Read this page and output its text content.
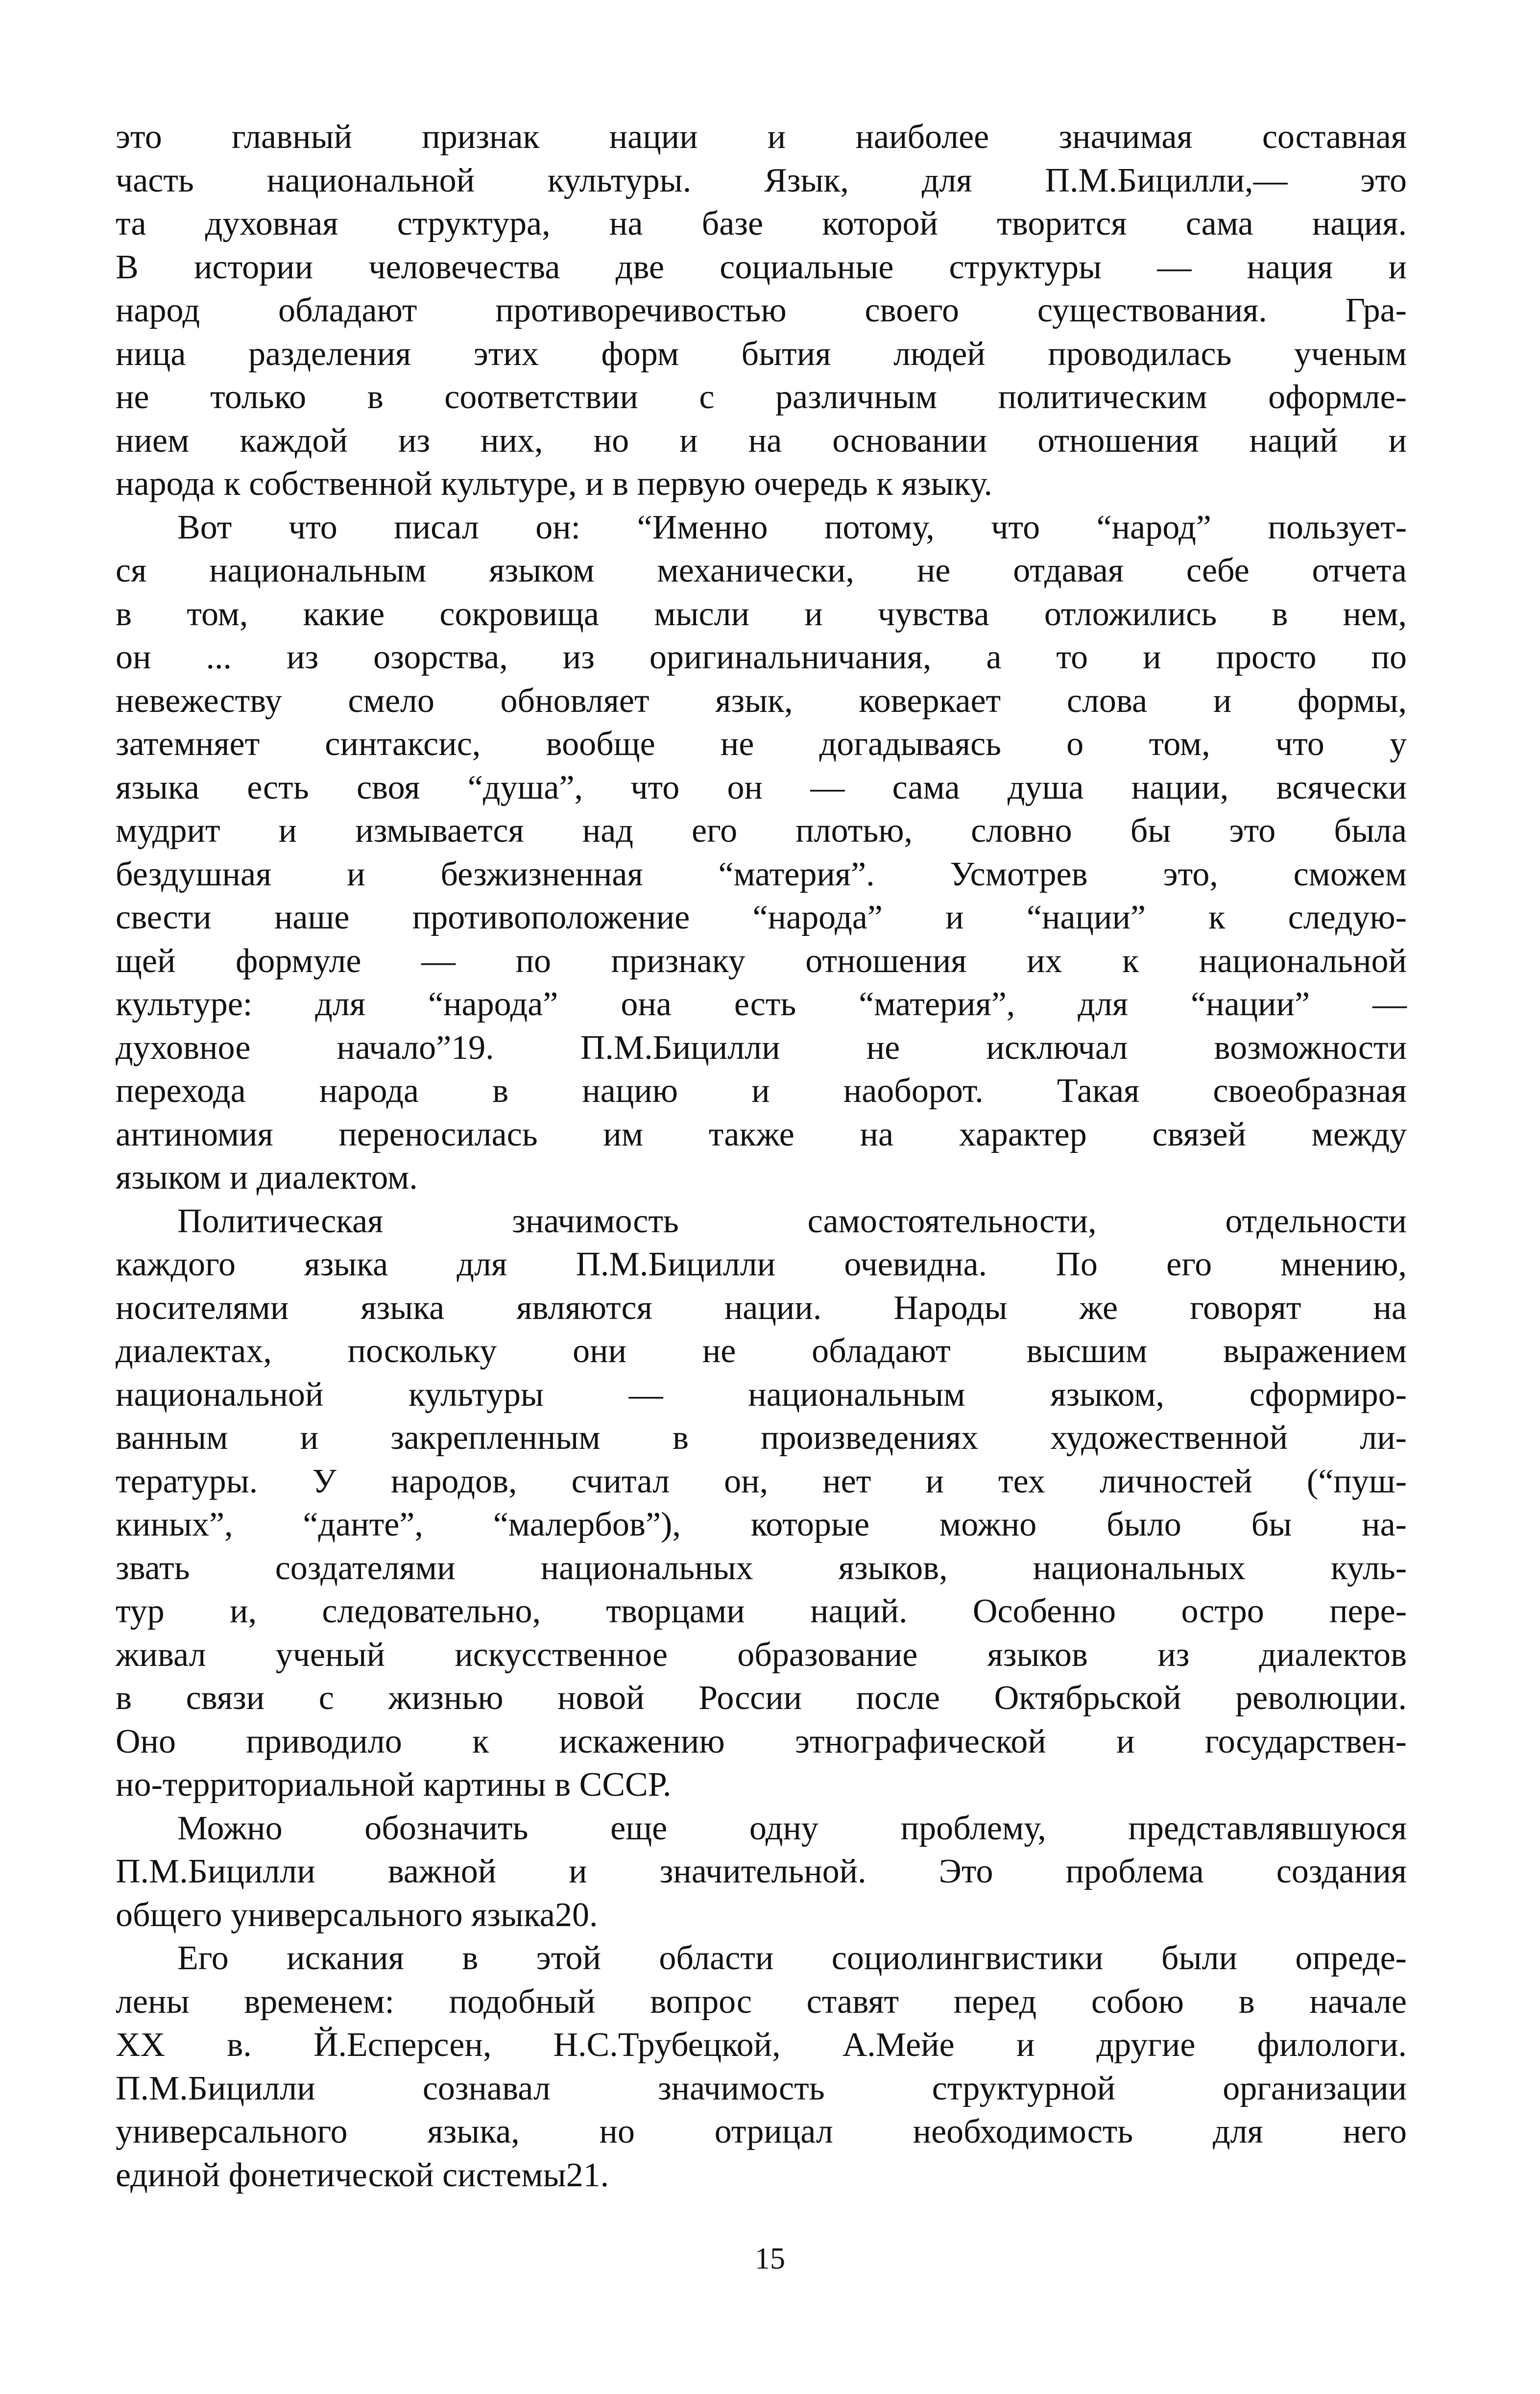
это главный признак нации и наиболее значимая составная
часть национальной культуры. Язык, для П.М.Бицилли,— это
та духовная структура, на базе которой творится сама нация.
В истории человечества две социальные структуры — нация и
народ обладают противоречивостью своего существования. Гра-
ница разделения этих форм бытия людей проводилась ученым
не только в соответствии с различным политическим оформле-
нием каждой из них, но и на основании отношения наций и
народа к собственной культуре, и в первую очередь к языку.
Вот что писал он: “Именно потому, что “народ” пользует-
ся национальным языком механически, не отдавая себе отчета
в том, какие сокровища мысли и чувства отложились в нем,
он ... из озорства, из оригинальничания, а то и просто по
невежеству смело обновляет язык, коверкает слова и формы,
затемняет синтаксис, вообще не догадываясь о том, что у
языка есть своя “душа”, что он — сама душа нации, всячески
мудрит и измывается над его плотью, словно бы это была
бездушная и безжизненная “материя”. Усмотрев это, сможем
свести наше противоположение “народа” и “нации” к следую-
щей формуле — по признаку отношения их к национальной
культуре: для “народа” она есть “материя”, для “нации” —
духовное начало”19. П.М.Бицилли не исключал возможности
перехода народа в нацию и наоборот. Такая своеобразная
антиномия переносилась им также на характер связей между
языком и диалектом.
Политическая значимость самостоятельности, отдельности
каждого языка для П.М.Бицилли очевидна. По его мнению,
носителями языка являются нации. Народы же говорят на
диалектах, поскольку они не обладают высшим выражением
национальной культуры — национальным языком, сформиро-
ванным и закрепленным в произведениях художественной ли-
тературы. У народов, считал он, нет и тех личностей (“пуш-
киных”, “данте”, “малербов”), которые можно было бы на-
звать создателями национальных языков, национальных куль-
тур и, следовательно, творцами наций. Особенно остро пере-
живал ученый искусственное образование языков из диалектов
в связи с жизнью новой России после Октябрьской революции.
Оно приводило к искажению этнографической и государствен-
но-территориальной картины в СССР.
Можно обозначить еще одну проблему, представлявшуюся
П.М.Бицилли важной и значительной. Это проблема создания
общего универсального языка20.
Его искания в этой области социолингвистики были опреде-
лены временем: подобный вопрос ставят перед собою в начале
XX в. Й.Есперсен, Н.С.Трубецкой, А.Мейе и другие филологи.
П.М.Бицилли сознавал значимость структурной организации
универсального языка, но отрицал необходимость для него
единой фонетической системы21.
15
